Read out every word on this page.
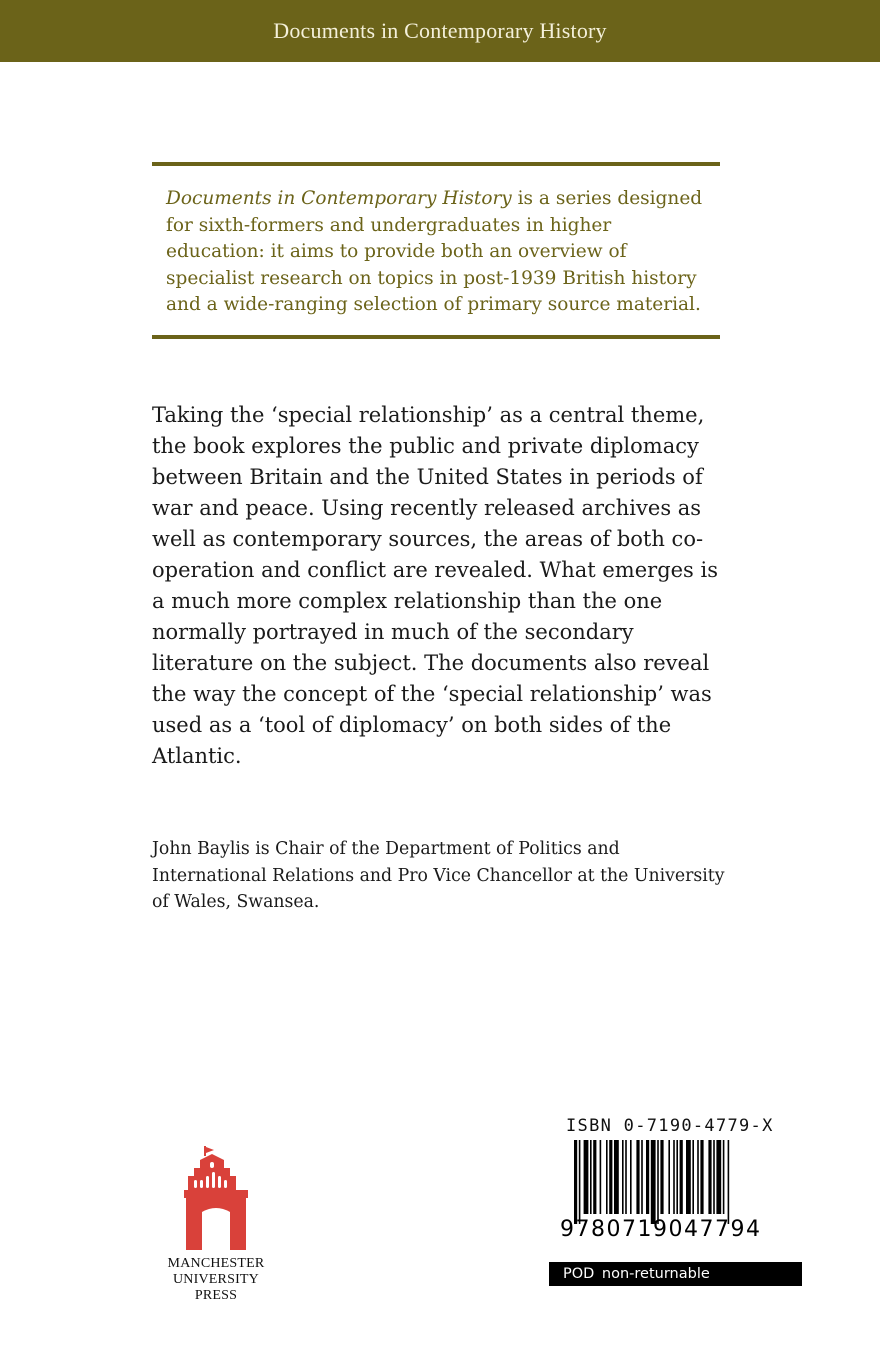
Documents in Contemporary History

Documents in Contemporary History is a series designed for sixth-formers and undergraduates in higher education: it aims to provide both an overview of specialist research on topics in post-1939 British history and a wide-ranging selection of primary source material.

Taking the ‘special relationship’ as a central theme, the book explores the public and private diplomacy between Britain and the United States in periods of war and peace. Using recently released archives as well as contemporary sources, the areas of both co-operation and conflict are revealed. What emerges is a much more complex relationship than the one normally portrayed in much of the secondary literature on the subject. The documents also reveal the way the concept of the ‘special relationship’ was used as a ‘tool of diplomacy’ on both sides of the Atlantic.

John Baylis is Chair of the Department of Politics and International Relations and Pro Vice Chancellor at the University of Wales, Swansea.

MANCHESTER
UNIVERSITY PRESS
ISBN 0-7190-4779-X
9780719047794
POD non-returnable
